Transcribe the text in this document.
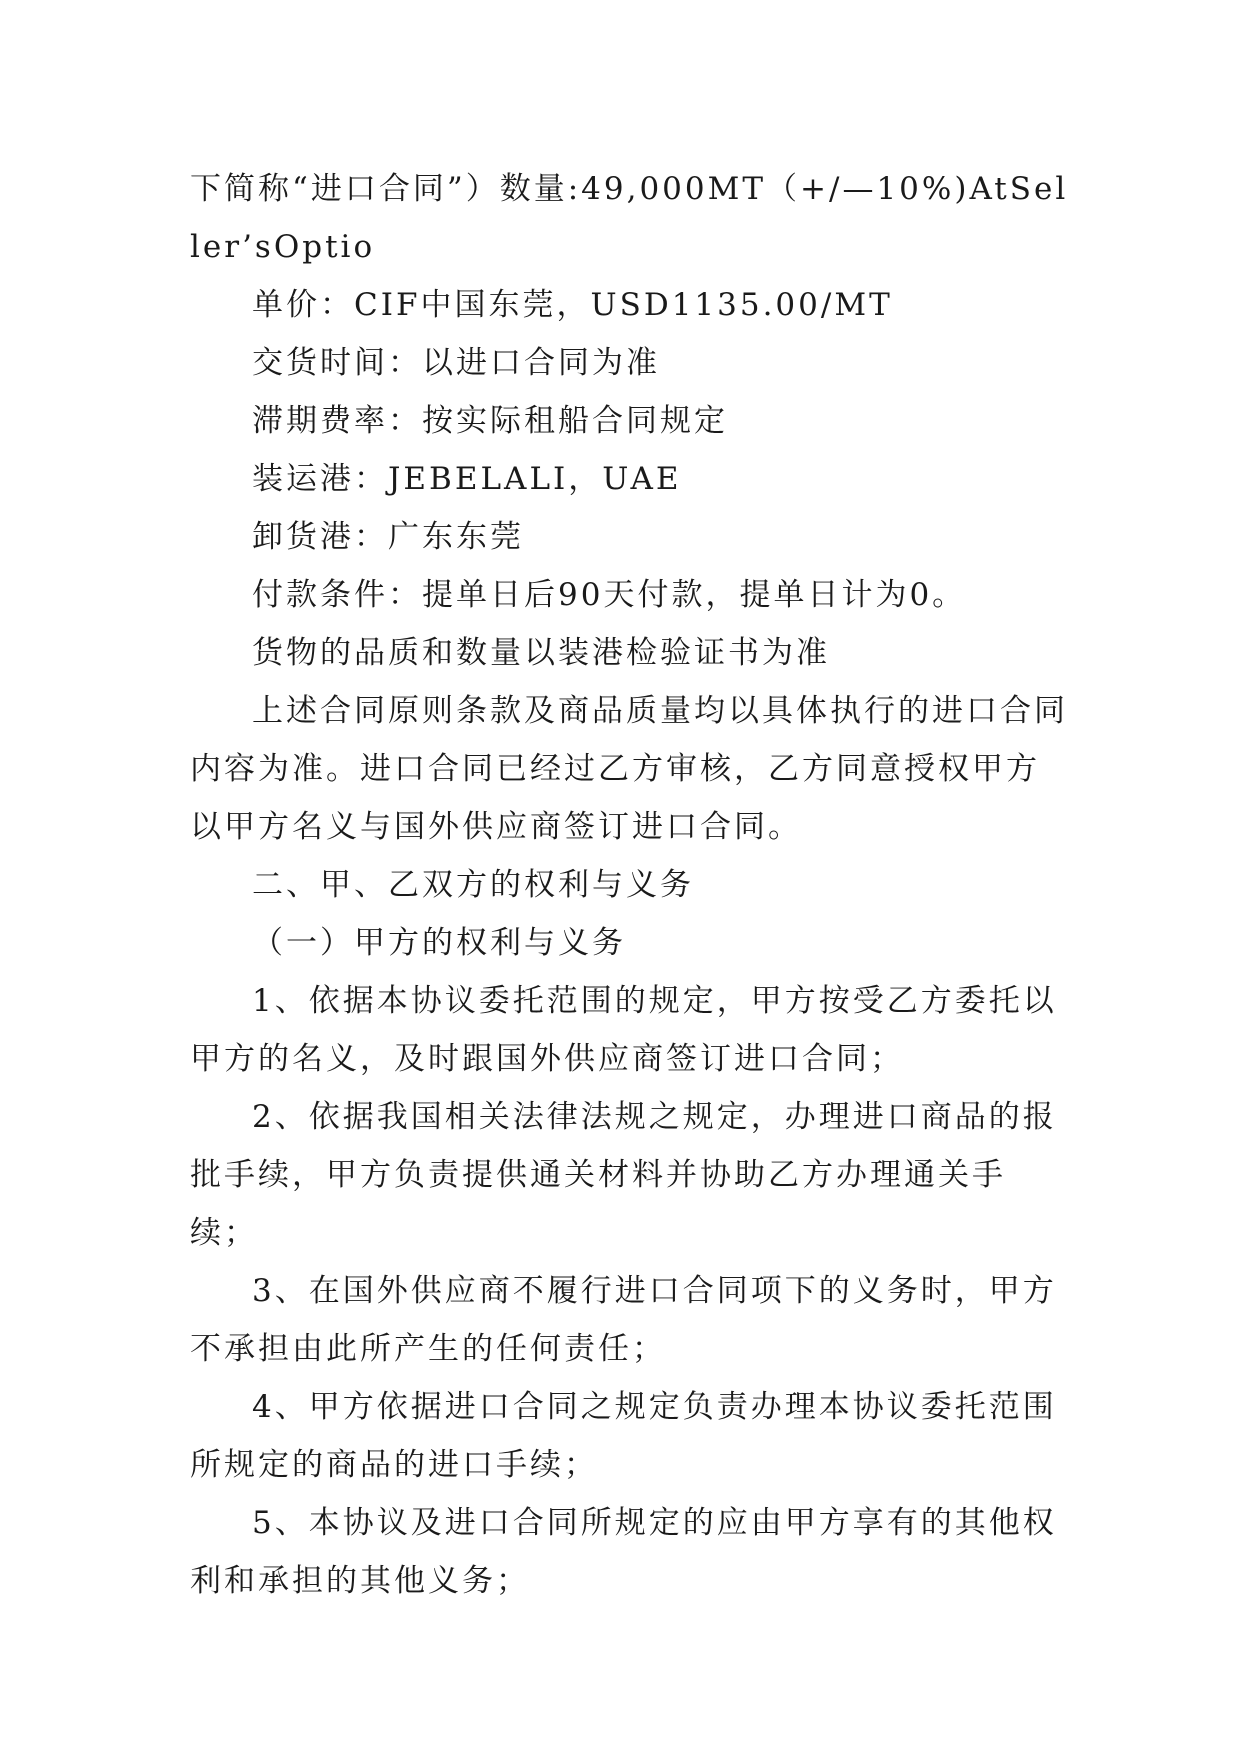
下简称“进口合同”）数量:49,000MT（+/—10%)AtSeller’sOptio

单价：CIF中国东莞，USD1135.00/MT

交货时间：以进口合同为准

滞期费率：按实际租船合同规定

装运港：JEBELALI，UAE

卸货港：广东东莞

付款条件：提单日后90天付款，提单日计为0。

货物的品质和数量以装港检验证书为准

上述合同原则条款及商品质量均以具体执行的进口合同内容为准。进口合同已经过乙方审核，乙方同意授权甲方以甲方名义与国外供应商签订进口合同。

二、甲、乙双方的权利与义务

（一）甲方的权利与义务

1、依据本协议委托范围的规定，甲方按受乙方委托以甲方的名义，及时跟国外供应商签订进口合同；

2、依据我国相关法律法规之规定，办理进口商品的报批手续，甲方负责提供通关材料并协助乙方办理通关手续；

3、在国外供应商不履行进口合同项下的义务时，甲方不承担由此所产生的任何责任；

4、甲方依据进口合同之规定负责办理本协议委托范围所规定的商品的进口手续；

5、本协议及进口合同所规定的应由甲方享有的其他权利和承担的其他义务；
